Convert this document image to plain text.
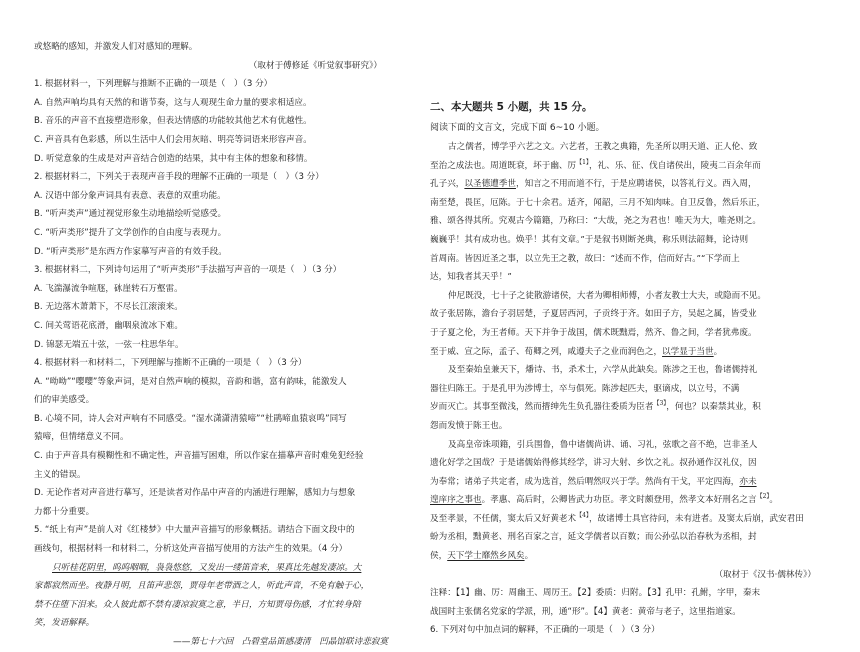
或悠略的感知，并激发人们对感知的理解。
（取材于傅修延《听觉叙事研究》）
1. 根据材料一，下列理解与推断不正确的一项是（　）（3 分）
A. 自然声响均具有天然的和谐节奏，这与人观现生命力量的要求相适应。
B. 音乐的声音不直接塑造形象，但表达情感的功能较其他艺术有优越性。
C. 声音具有色彩感，所以生活中人们会用灰暗、明亮等词语来形容声音。
D. 听觉意象的生成是对声音结合创造的结果，其中有主体的想象和移情。
2. 根据材料二，下列关于表现声音手段的理解不正确的一项是（　）（3 分）
A. 汉语中部分象声词具有表意、表意的双重功能。
B. “听声类声”通过视觉形象生动地描绘听觉感受。
C. “听声类形”提升了文学创作的自由度与表现力。
D. “听声类形”是东西方作家摹写声音的有效手段。
3. 根据材料二，下列诗句运用了“听声类形”手法描写声音的一项是（　）（3 分）
A. 飞湍瀑流争喧豗，砯崖转石万壑雷。
B. 无边落木萧萧下，不尽长江滚滚来。
C. 间关莺语花底滑，幽咽泉流冰下难。
D. 锦瑟无端五十弦，一弦一柱思华年。
4. 根据材料一和材料二，下列理解与推断不正确的一项是（　）（3 分）
A. “呦呦”“嘤嘤”等象声词，是对自然声响的模拟，音韵和谐，富有韵味，能激发人
们的审美感受。
B. 心境不同，诗人会对声响有不同感受。“湿水潇潇清猿啼”“杜鹃啼血猿哀鸣”同写
猿啼，但情绪意义不同。
C. 由于声音具有模糊性和不确定性，声音描写困难，所以作家在描摹声音时难免犯经验
主义的错误。
D. 无论作者对声音进行摹写，还是读者对作品中声音的内涵进行理解，感知力与想象
力都十分重要。
5. “纸上有声”是前人对《红楼梦》中大量声音描写的形象概括。请结合下面文段中的
画线句，根据材料一和材料二，分析这处声音描写使用的方法产生的效果。（4 分）
只听桂花阴里，呜呜咽咽，袅袅悠悠，又发出一缕笛音来，果真比先越发凄凉。大
家都寂然而坐。夜静月明，且笛声悲怨，贾母年老带酒之人，听此声音，不免有触于心，
禁不住堕下泪来。众人彼此都不禁有凄凉寂寞之意，半日，方知贾母伤感，才忙转身陪
笑，发语解释。
——第七十六回　凸碧堂品笛感凄清　凹晶馆联诗悲寂寞
二、本大题共 5 小题，共 15 分。
阅读下面的文言文，完成下面 6~10 小题。
古之儒者，博学乎六艺之文。六艺者，王教之典籍，先圣所以明天道、正人伦、致
至治之成法也。周道既衰，坏于幽、厉$^{【1】}$，礼、乐、征、伐自诸侯出，陵夷二百余年而
孔子兴，以圣德遭季世，知言之不用而道不行，于是应聘诸侯，以答礼行义。西入周，
南至楚，畏匡，厄陈。于七十余君。适齐，闻韶，三月不知肉味。自卫反鲁，然后乐正，
雅、颂各得其所。究观古今篇籍，乃称曰：“大哉，尧之为君也！唯天为大，唯尧则之。
巍巍乎！其有成功也。焕乎！其有文章。”于是叙书则断尧典，称乐则法韶舞，论诗则
首周南。皆因近圣之事，以立先王之教，故曰：“述而不作，信而好古。”“下学而上
达，知我者其天乎！”
仲尼既没，七十子之徒散游诸侯，大者为卿相师傅，小者友教士大夫，或隐而不见。
故子张居陈，澹台子羽居楚，子夏居西河，子贡终于齐。如田子方，吴起之属，皆受业
于子夏之伦，为王者师。天下并争于战国，儒术既黜焉，然齐、鲁之间，学者犹弗废。
至于威、宣之际，孟子、荀卿之列，咸遵夫子之业而润色之，以学显于当世。
及至秦始皇兼天下，燔诗、书，杀术士，六学从此缺矣。陈涉之王也，鲁诸儒持礼
器往归陈王。于是孔甲为涉博士，卒与俱死。陈涉起匹夫，驱谪戍，以立号，不满
岁而灭亡。其事至微浅，然而搢绅先生负孔器往委质为臣者$^{【3】}$，何也？以秦禁其业，积
怨而发愤于陈王也。
及高皇帝诛项籍，引兵围鲁，鲁中诸儒尚讲、诵、习礼，弦歌之音不绝，岂非圣人
遗化好学之国哉？于是诸儒始得修其经学，讲习大射、乡饮之礼。叔孙通作汉礼仪，因
为奉常；诸弟子共定者，成为选首，然后喟然叹兴于学。然尚有干戈，平定四海，亦未
遑庠序之事也。孝惠、高后时，公卿皆武力功臣。孝文时颇登用，然孝文本好刑名之言$^{【2】}$。
及至孝景，不任儒，窦太后又好黄老术$^{【4】}$，故诸博士具官待问，未有进者。及窦太后崩，武安君田
蚡为丞相，黜黄老、刑名百家之言，延文学儒者以百数；而公孙弘以治春秋为丞相，封
侯，天下学士靡然乡风矣。
（取材于《汉书·儒林传》）
注释：【1】幽、厉：周幽王、周厉王。【2】委质：归附。【3】孔甲：孔鲋，字甲，秦末
战国时主张儒名党家的学派，刑，通“形”。【4】黄老：黄帝与老子，这里指道家。
6. 下列对句中加点词的解释，不正确的一项是（　）（3 分）
